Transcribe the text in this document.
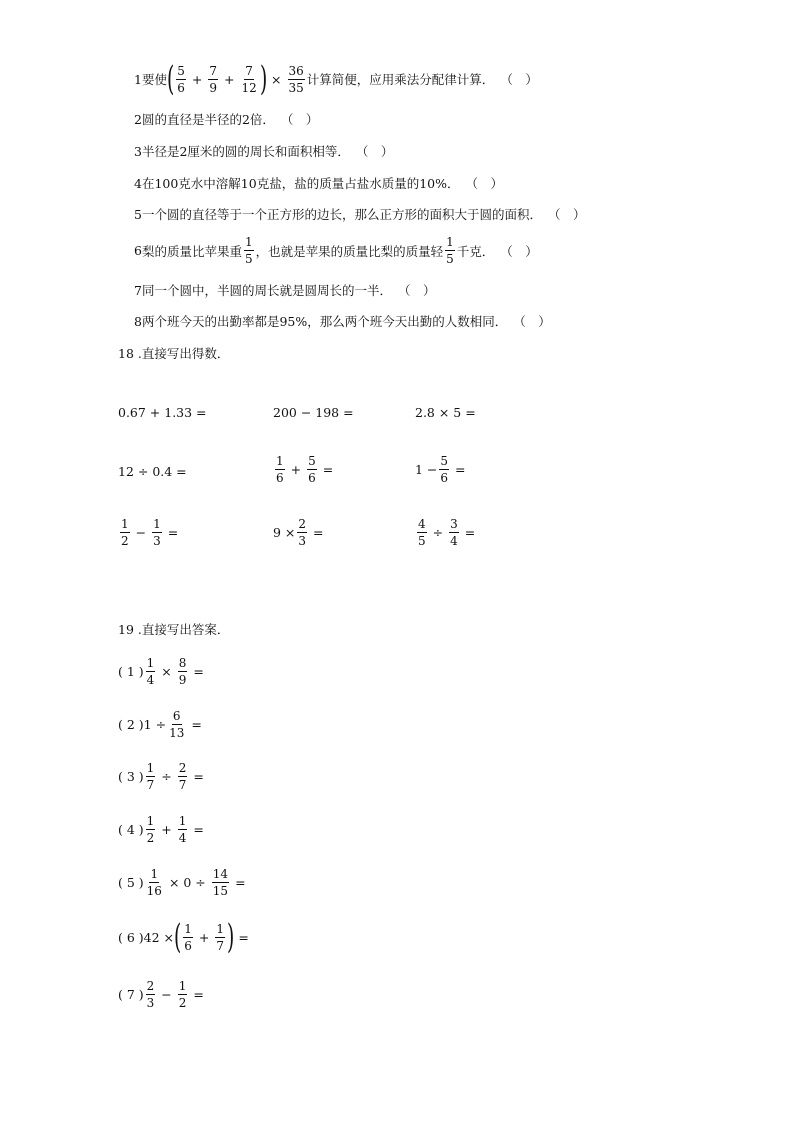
1 要使 ( $\frac{5}{6} + \frac{7}{9} + \frac{7}{12}$ ) × $\frac{36}{35}$ 计算简便，应用乘法分配律计算． （　）
2 圆的直径是半径的2倍． （　）
3 半径是2厘米的圆的周长和面积相等． （　）
4 在100克水中溶解10克盐，盐的质量占盐水质量的10%． （　）
5 一个圆的直径等于一个正方形的边长，那么正方形的面积大于圆的面积． （　）
6 梨的质量比苹果重 $\frac{1}{5}$ ，也就是苹果的质量比梨的质量轻 $\frac{1}{5}$ 千克． （　）
7 同一个圆中，半圆的周长就是圆周长的一半． （　）
8 两个班今天的出勤率都是95%，那么两个班今天出勤的人数相同． （　）
18 .直接写出得数．
0.67 + 1.33 =	200 − 198 =	2.8 × 5 =
12 ÷ 0.4 =	$\frac{1}{6} + \frac{5}{6}$ =	$1 - \frac{5}{6}$ =
$\frac{1}{2} - \frac{1}{3}$ =	$9 \times \frac{2}{3}$ =	$\frac{4}{5} \div \frac{3}{4}$ =
19 .直接写出答案．
( 1 ) $\frac{1}{4} \times \frac{8}{9}$ =
( 2 ) $1 \div \frac{6}{13}$ =
( 3 ) $\frac{1}{7} \div \frac{2}{7}$ =
( 4 ) $\frac{1}{2} + \frac{1}{4}$ =
( 5 ) $\frac{1}{16} \times 0 \div \frac{14}{15}$ =
( 6 ) 42 × ( $\frac{1}{6} + \frac{1}{7}$ ) =
( 7 ) $\frac{2}{3} - \frac{1}{2}$ =
